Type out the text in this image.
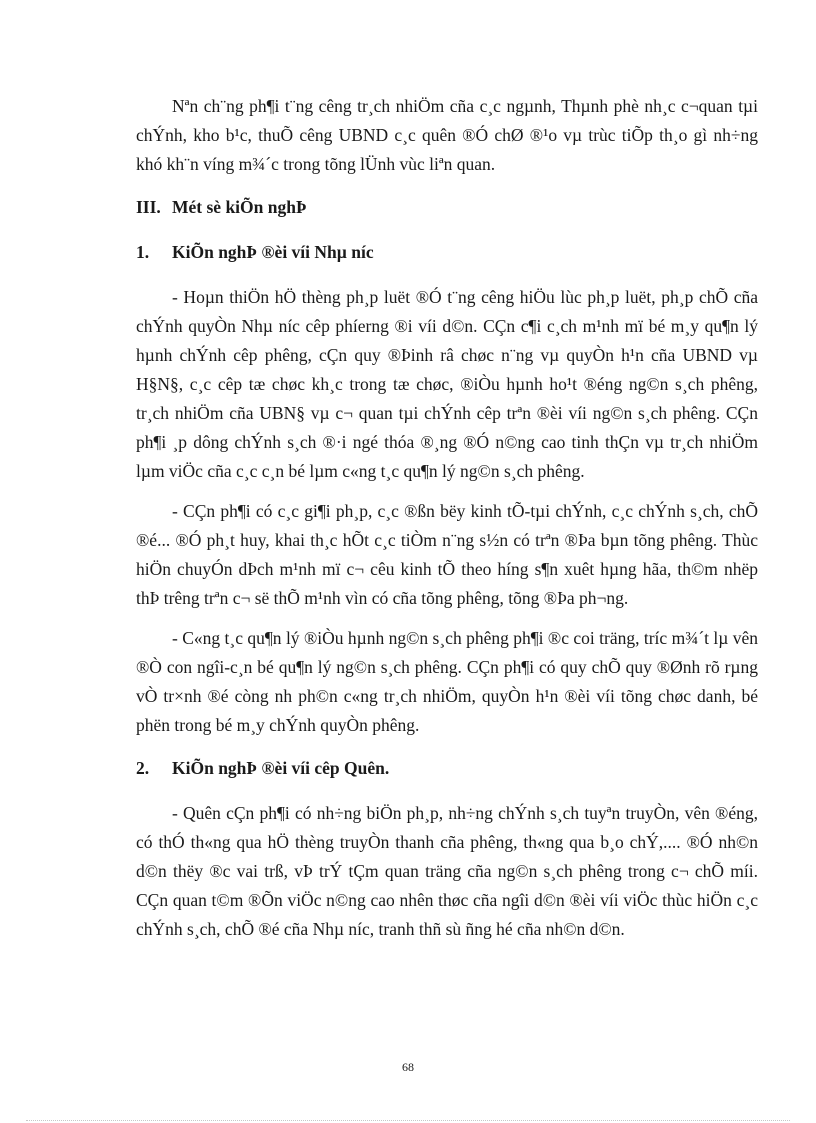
Nªn ch¨ng ph¶i t¨ng cêng tr¸ch nhiÖm cña c¸c ngµnh, Thµnh phè nh¸c c¬quan tµi chÝnh, kho b¹c, thuÕ cêng UBND c¸c quên ®Ó chØ ®¹o vµ trùc tiÕp th¸o gì nh÷ng khó kh¨n víng m¾´c trong tõng lÜnh vùc liªn quan.

III. Mét sè kiÕn nghÞ
1.	KiÕn nghÞ ®èi víi Nhµ níc

- Hoµn thiÖn hÖ thèng ph¸p luët ®Ó t¨ng cêng hiÖu lùc ph¸p luët, ph¸p chÕ cña chÝnh quyÒn Nhµ níc cêp phíerng ®i víi d©n. CÇn c¶i c¸ch m¹nh mï bé m¸y qu¶n lý hµnh chÝnh cêp phêng, cÇn quy ®Þinh râ chøc n¨ng vµ quyÒn h¹n cña UBND vµ H§N§, c¸c cêp tæ chøc kh¸c trong tæ chøc, ®iÒu hµnh ho¹t ®éng ng©n s¸ch phêng, tr¸ch nhiÖm cña UBN§ vµ c¬ quan tµi chÝnh cêp trªn ®èi víi ng©n s¸ch phêng. CÇn ph¶i ¸p dông chÝnh s¸ch ®·i ngé thóa ®¸ng ®Ó n©ng cao tinh thÇn vµ tr¸ch nhiÖm lµm viÖc cña c¸c c¸n bé lµm c«ng t¸c qu¶n lý ng©n s¸ch phêng.

- CÇn ph¶i có c¸c gi¶i ph¸p, c¸c ®ßn bëy kinh tÕ-tµi chÝnh, c¸c chÝnh s¸ch, chÕ ®é... ®Ó ph¸t huy, khai th¸c hÕt c¸c tiÒm n¨ng s½n có trªn ®Þa bµn tõng phêng. Thùc hiÖn chuyÓn dÞch m¹nh mï c¬ cêu kinh tÕ theo híng s¶n xuêt hµng hãa, th©m nhëp thÞ trêng trªn c¬ së thÕ m¹nh vìn có cña tõng phêng, tõng ®Þa ph¬ng.

- C«ng t¸c qu¶n lý ®iÒu hµnh ng©n s¸ch phêng ph¶i ®c coi träng, tríc m¾´t lµ vên ®Ò con ngîi-c¸n bé qu¶n lý ng©n s¸ch phêng. CÇn ph¶i có quy chÕ quy ®Ønh rõ rµng vÒ tr×nh ®é còng nh ph©n c«ng tr¸ch nhiÖm, quyÒn h¹n ®èi víi tõng chøc danh, bé phën trong bé m¸y chÝnh quyÒn phêng.

2.	KiÕn nghÞ ®èi víi cêp Quên.

- Quên cÇn ph¶i có nh÷ng biÖn ph¸p, nh÷ng chÝnh s¸ch tuyªn truyÒn, vên ®éng, có thÓ th«ng qua hÖ thèng truyÒn thanh cña phêng, th«ng qua b¸o chÝ,.... ®Ó nh©n d©n thëy ®c vai trß, vÞ trÝ tÇm quan träng cña ng©n s¸ch phêng trong c¬ chÕ míi. CÇn quan t©m ®Õn viÖc n©ng cao nhên thøc cña ngîi d©n ®èi víi viÖc thùc hiÖn c¸c chÝnh s¸ch, chÕ ®é cña Nhµ níc, tranh thñ sù ñng hé cña nh©n d©n.

68
